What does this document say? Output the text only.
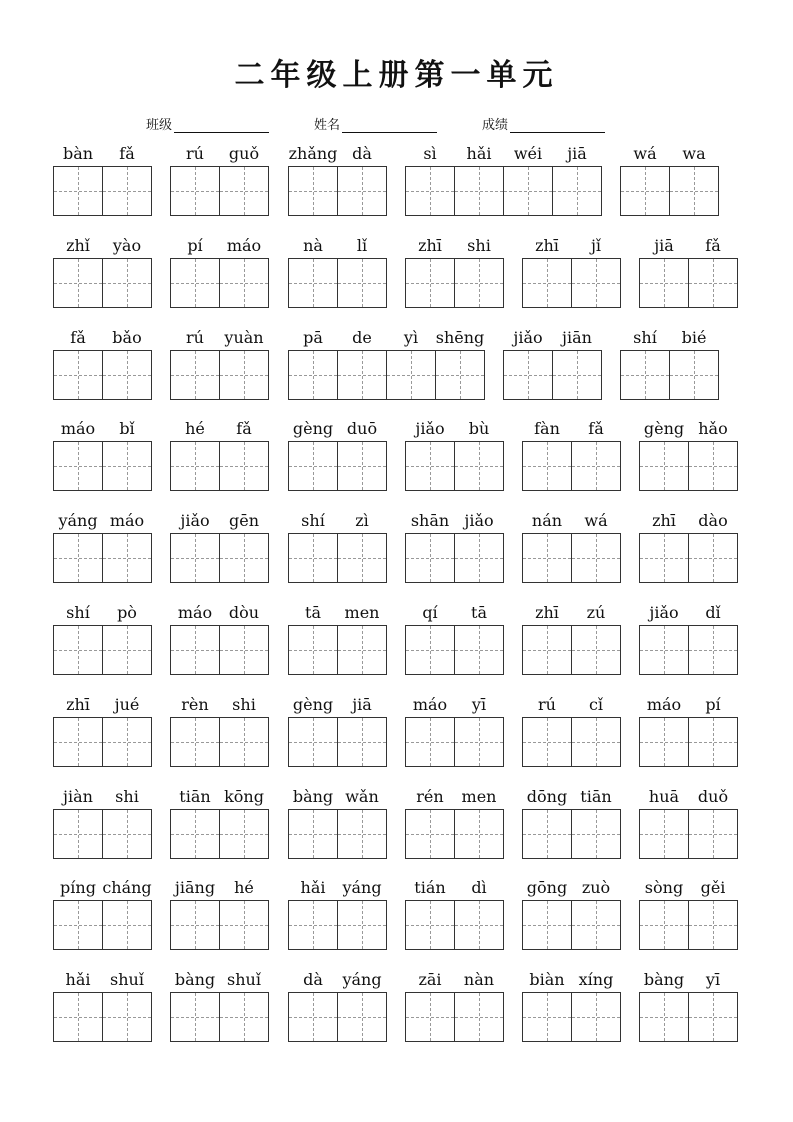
二年级上册第一单元
班级	姓名	成绩
bàn	fǎ	rú	guǒ	zhǎng dà	sì	hǎi	wéi	jiā	wá	wa
zhǐ	yào	pí	máo	nà	lǐ	zhī	shi	zhī	jǐ	jiā	fǎ
fǎ	bǎo	rú	yuàn	pā	de	yì	shēng	jiǎo	jiān	shí	bié
máo	bǐ	hé	fǎ	gèng duō	jiǎo	bù	fàn	fǎ	gèng hǎo
yáng máo	jiǎo	gēn	shí	zì	shān jiǎo	nán	wá	zhī	dào
shí	pò	máo	dòu	tā	men	qí	tā	zhī	zú	jiǎo	dǐ
zhī	jué	rèn	shi	gèng	jiā	máo	yī	rú	cǐ	máo	pí
jiàn	shi	tiān kōng	bàng wǎn	rén	men	dōng tiān	huā	duǒ
píng cháng	jiāng	hé	hǎi	yáng	tián	dì	gōng zuò	sòng	gěi
hǎi	shuǐ	bàng shuǐ	dà	yáng	zāi	nàn	biàn xíng	bàng	yī
